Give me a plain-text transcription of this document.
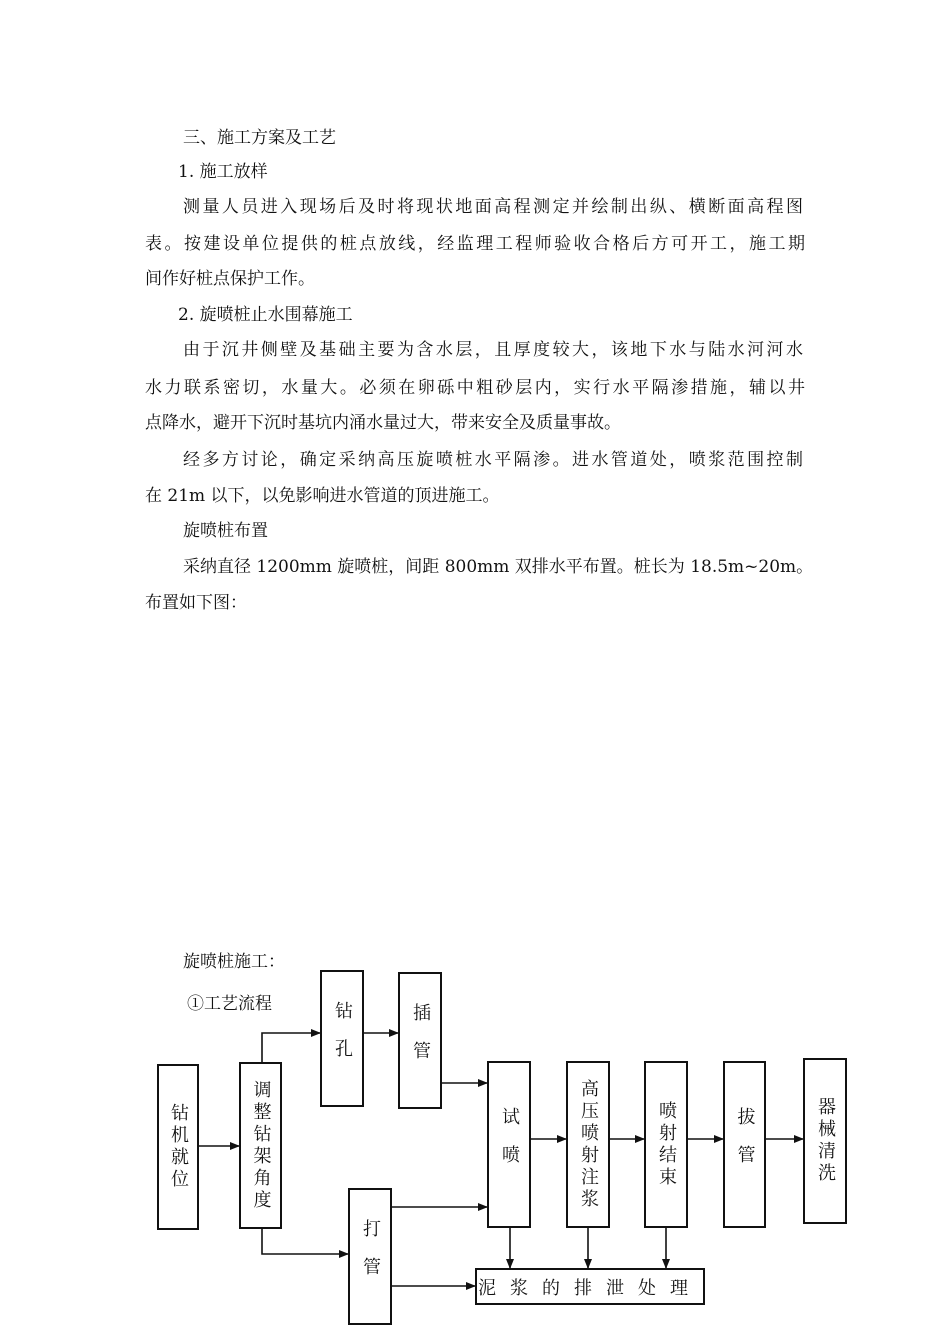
三、施工方案及工艺
1. 施工放样
测量人员进入现场后及时将现状地面高程测定并绘制出纵、横断面高程图
表。按建设单位提供的桩点放线，经监理工程师验收合格后方可开工，施工期
间作好桩点保护工作。
2. 旋喷桩止水围幕施工
由于沉井侧壁及基础主要为含水层，且厚度较大，该地下水与陆水河河水
水力联系密切，水量大。必须在卵砾中粗砂层内，实行水平隔渗措施，辅以井
点降水，避开下沉时基坑内涌水量过大，带来安全及质量事故。
经多方讨论，确定采纳高压旋喷桩水平隔渗。进水管道处，喷浆范围控制
在 21m 以下，以免影响进水管道的顶进施工。
旋喷桩布置
采纳直径 1200mm 旋喷桩，间距 800mm 双排水平布置。桩长为 18.5m~20m。
布置如下图：
旋喷桩施工：
①工艺流程
钻机就位	调整钻架角度
钻孔	插管
打管
试喷	高压喷射注浆	喷射结束	拔管	器械清洗
泥浆的排泄处理
